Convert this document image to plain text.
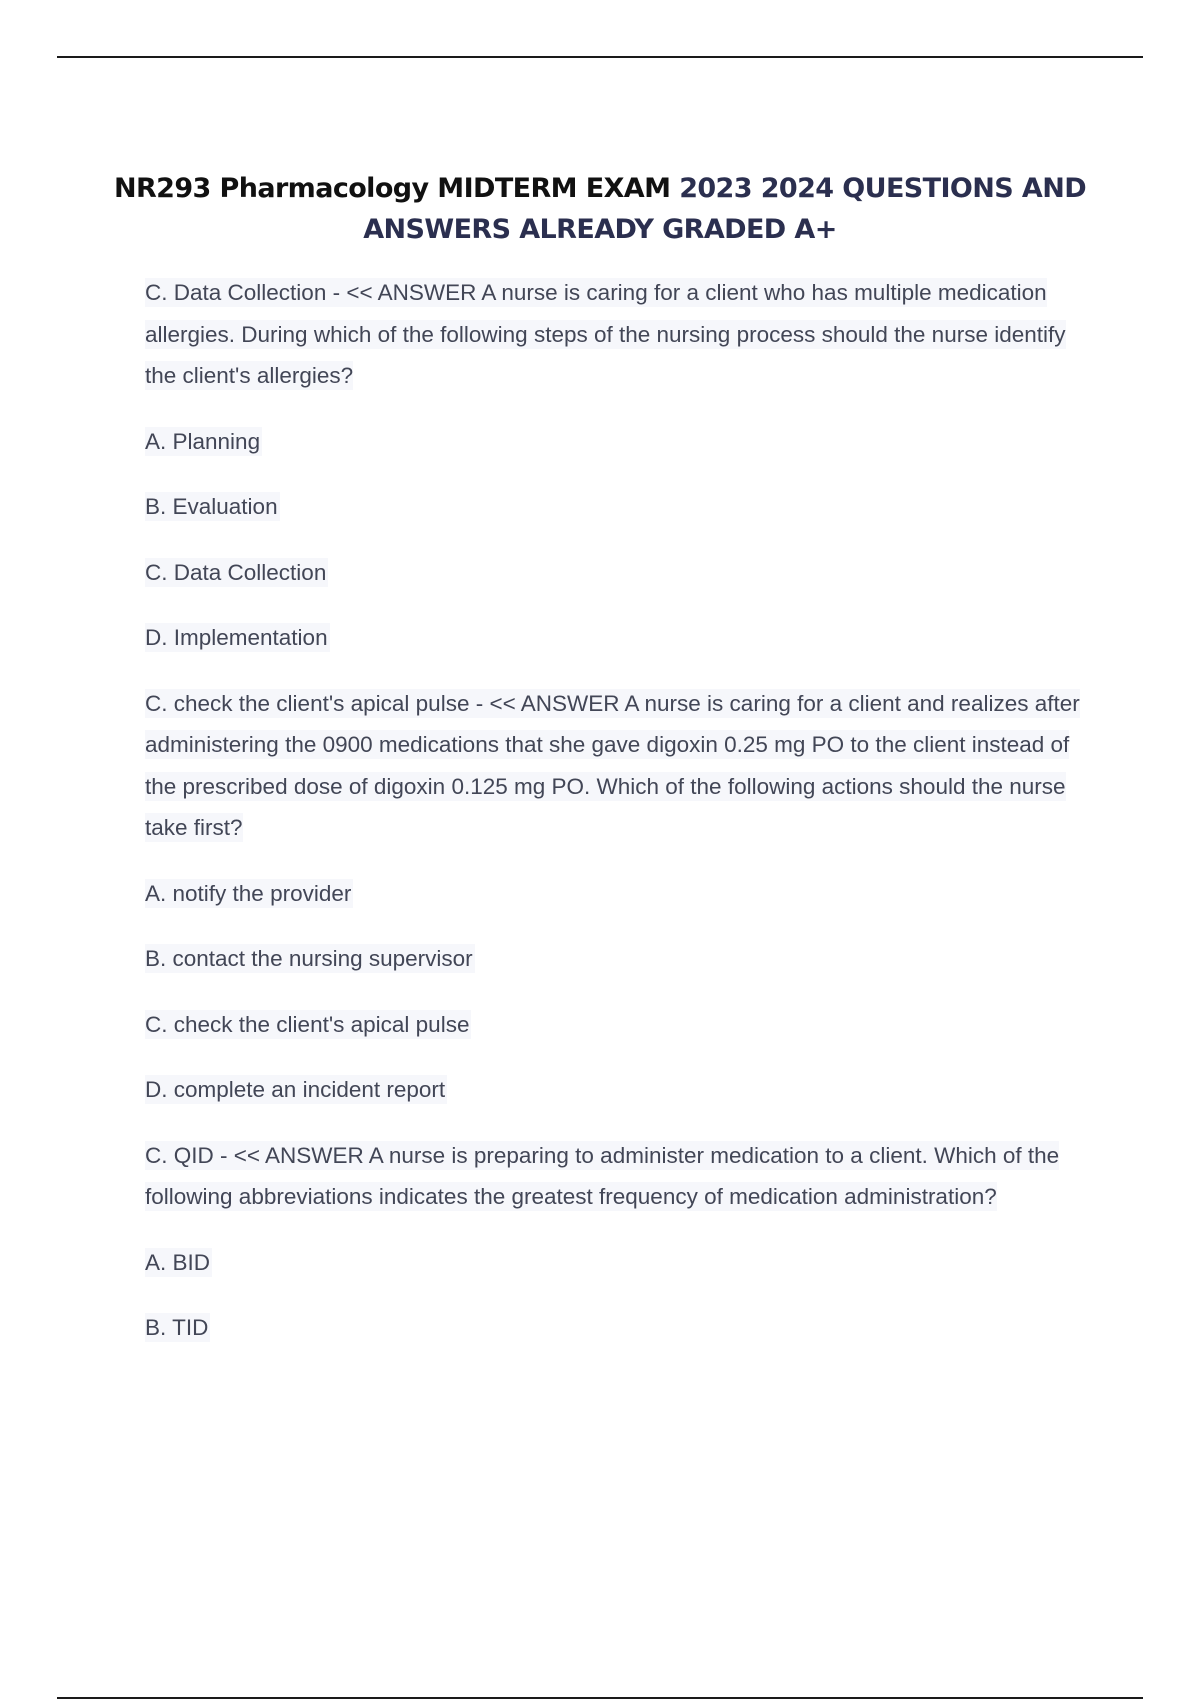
NR293 Pharmacology MIDTERM EXAM 2023 2024 QUESTIONS AND ANSWERS ALREADY GRADED A+
C. Data Collection - << ANSWER A nurse is caring for a client who has multiple medication allergies. During which of the following steps of the nursing process should the nurse identify the client's allergies?
A. Planning
B. Evaluation
C. Data Collection
D. Implementation
C. check the client's apical pulse - << ANSWER A nurse is caring for a client and realizes after administering the 0900 medications that she gave digoxin 0.25 mg PO to the client instead of the prescribed dose of digoxin 0.125 mg PO. Which of the following actions should the nurse take first?
A. notify the provider
B. contact the nursing supervisor
C. check the client's apical pulse
D. complete an incident report
C. QID - << ANSWER A nurse is preparing to administer medication to a client. Which of the following abbreviations indicates the greatest frequency of medication administration?
A. BID
B. TID
